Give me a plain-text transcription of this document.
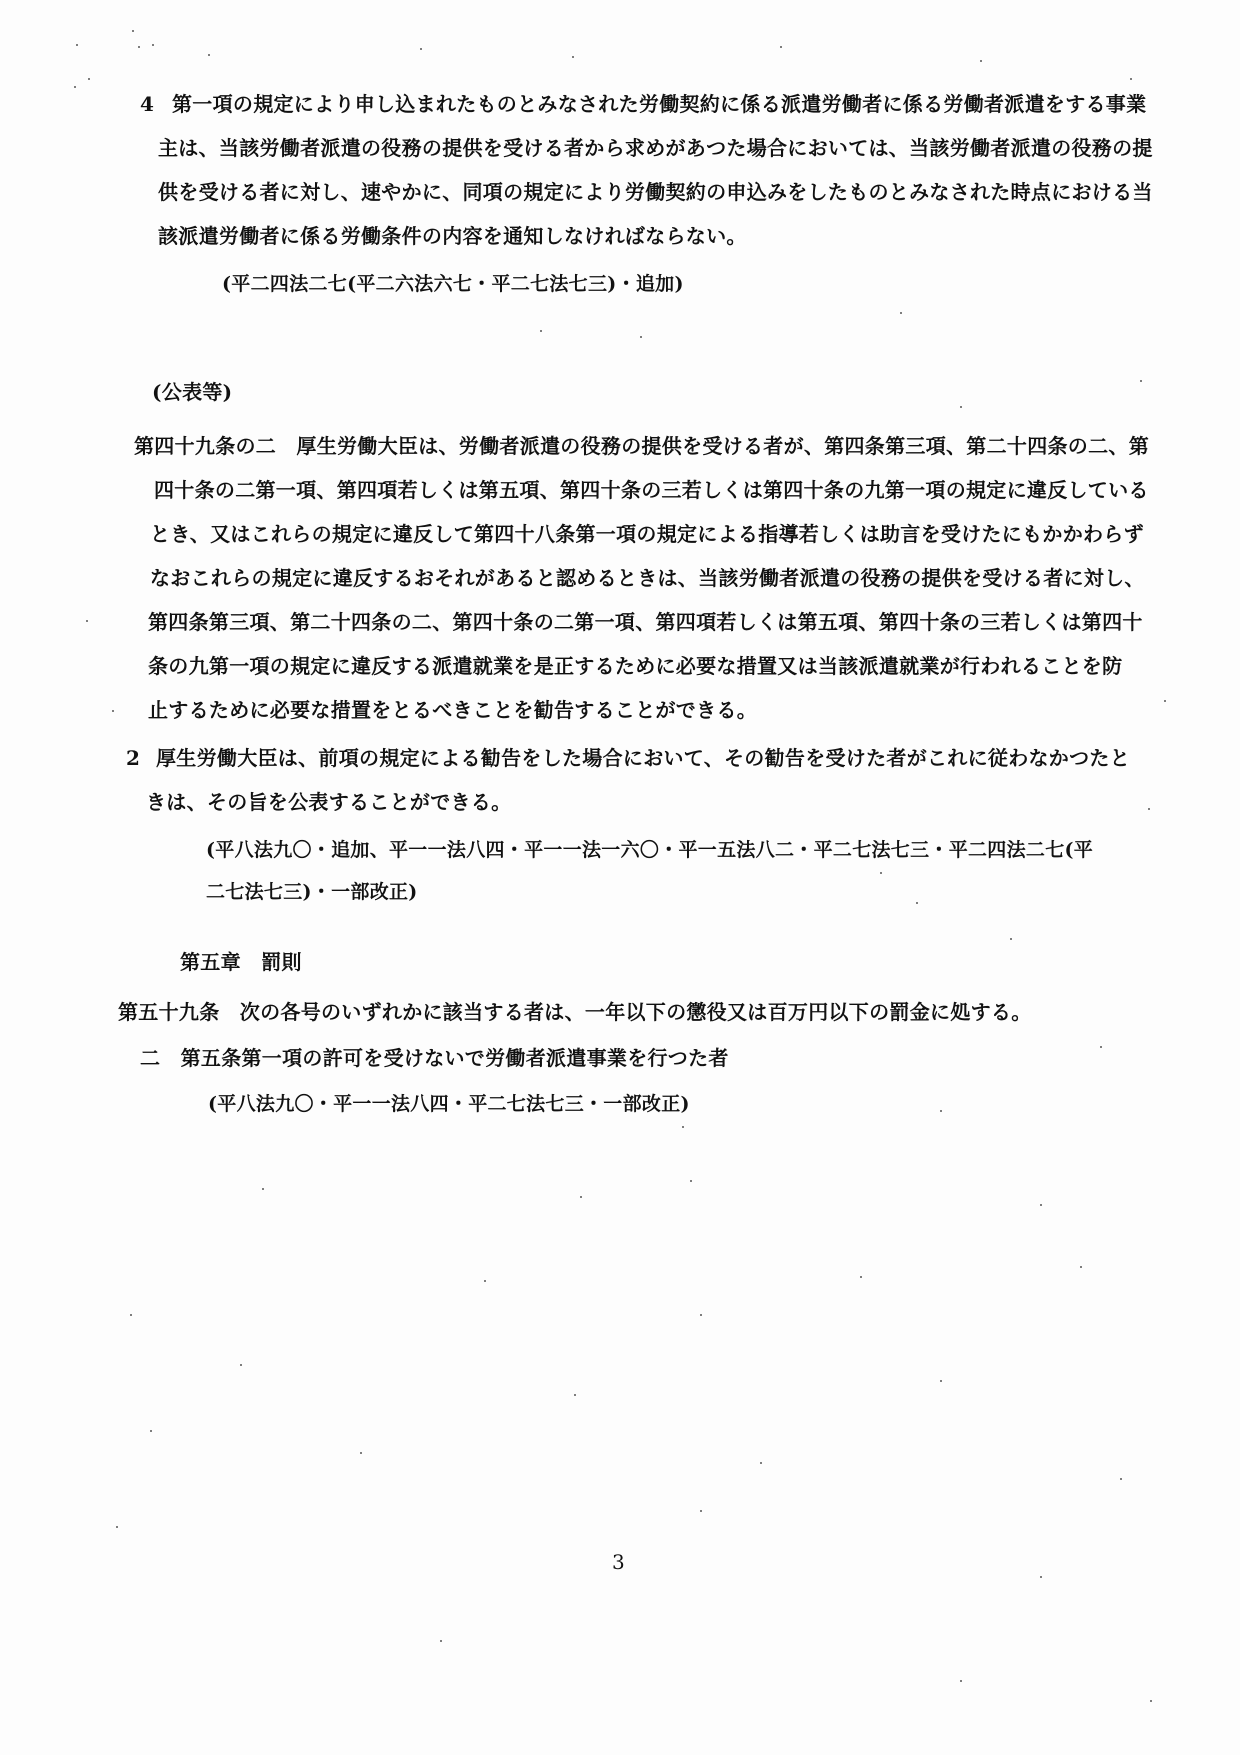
4 第一項の規定により申し込まれたものとみなされた労働契約に係る派遣労働者に係る労働者派遣をする事業
主は、当該労働者派遣の役務の提供を受ける者から求めがあつた場合においては、当該労働者派遣の役務の提
供を受ける者に対し、速やかに、同項の規定により労働契約の申込みをしたものとみなされた時点における当
該派遣労働者に係る労働条件の内容を通知しなければならない。
(平二四法二七(平二六法六七・平二七法七三)・追加)
(公表等)
第四十九条の二　厚生労働大臣は、労働者派遣の役務の提供を受ける者が、第四条第三項、第二十四条の二、第
四十条の二第一項、第四項若しくは第五項、第四十条の三若しくは第四十条の九第一項の規定に違反している
とき、又はこれらの規定に違反して第四十八条第一項の規定による指導若しくは助言を受けたにもかかわらず
なおこれらの規定に違反するおそれがあると認めるときは、当該労働者派遣の役務の提供を受ける者に対し、
第四条第三項、第二十四条の二、第四十条の二第一項、第四項若しくは第五項、第四十条の三若しくは第四十
条の九第一項の規定に違反する派遣就業を是正するために必要な措置又は当該派遣就業が行われることを防
止するために必要な措置をとるべきことを勧告することができる。
2 厚生労働大臣は、前項の規定による勧告をした場合において、その勧告を受けた者がこれに従わなかつたと
きは、その旨を公表することができる。
(平八法九〇・追加、平一一法八四・平一一法一六〇・平一五法八二・平二七法七三・平二四法二七(平
二七法七三)・一部改正)
第五章　罰則
第五十九条　次の各号のいずれかに該当する者は、一年以下の懲役又は百万円以下の罰金に処する。
二　第五条第一項の許可を受けないで労働者派遣事業を行つた者
(平八法九〇・平一一法八四・平二七法七三・一部改正)
3
